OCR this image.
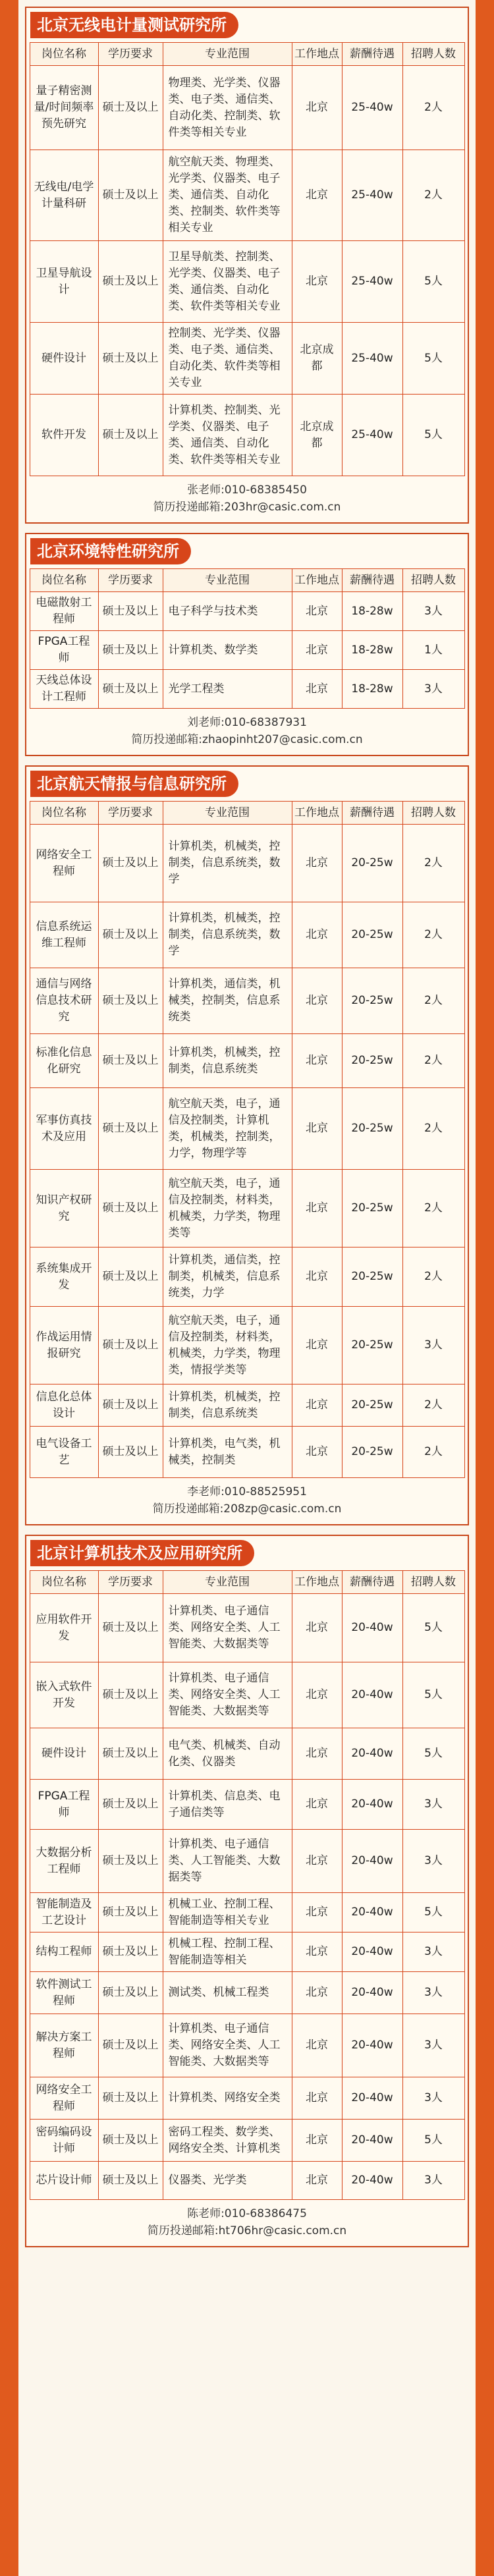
北京无线电计量测试研究所
岗位名称	学历要求	专业范围	工作地点	薪酬待遇	招聘人数
量子精密测量/时间频率预先研究	硕士及以上	物理类、光学类、仪器类、电子类、通信类、自动化类、控制类、软件类等相关专业	北京	25-40w	2人
无线电/电学计量科研	硕士及以上	航空航天类、物理类、光学类、仪器类、电子类、通信类、自动化类、控制类、软件类等相关专业	北京	25-40w	2人
卫星导航设计	硕士及以上	卫星导航类、控制类、光学类、仪器类、电子类、通信类、自动化类、软件类等相关专业	北京	25-40w	5人
硬件设计	硕士及以上	控制类、光学类、仪器类、电子类、通信类、自动化类、软件类等相关专业	北京成都	25-40w	5人
软件开发	硕士及以上	计算机类、控制类、光学类、仪器类、电子类、通信类、自动化类、软件类等相关专业	北京成都	25-40w	5人
张老师:010-68385450
简历投递邮箱:203hr@casic.com.cn
北京环境特性研究所
岗位名称	学历要求	专业范围	工作地点	薪酬待遇	招聘人数
电磁散射工程师	硕士及以上	电子科学与技术类	北京	18-28w	3人
FPGA工程师	硕士及以上	计算机类、数学类	北京	18-28w	1人
天线总体设计工程师	硕士及以上	光学工程类	北京	18-28w	3人
刘老师:010-68387931
简历投递邮箱:zhaopinht207@casic.com.cn
北京航天情报与信息研究所
岗位名称	学历要求	专业范围	工作地点	薪酬待遇	招聘人数
网络安全工程师	硕士及以上	计算机类，机械类，控制类，信息系统类，数学	北京	20-25w	2人
信息系统运维工程师	硕士及以上	计算机类，机械类，控制类，信息系统类，数学	北京	20-25w	2人
通信与网络信息技术研究	硕士及以上	计算机类，通信类，机械类，控制类，信息系统类	北京	20-25w	2人
标准化信息化研究	硕士及以上	计算机类，机械类，控制类，信息系统类	北京	20-25w	2人
军事仿真技术及应用	硕士及以上	航空航天类，电子，通信及控制类，计算机类，机械类，控制类，力学，物理学等	北京	20-25w	2人
知识产权研究	硕士及以上	航空航天类，电子，通信及控制类，材料类，机械类，力学类，物理类等	北京	20-25w	2人
系统集成开发	硕士及以上	计算机类，通信类，控制类，机械类，信息系统类，力学	北京	20-25w	2人
作战运用情报研究	硕士及以上	航空航天类，电子，通信及控制类，材料类，机械类，力学类，物理类，情报学类等	北京	20-25w	3人
信息化总体设计	硕士及以上	计算机类，机械类，控制类，信息系统类	北京	20-25w	2人
电气设备工艺	硕士及以上	计算机类，电气类，机械类，控制类	北京	20-25w	2人
李老师:010-88525951
简历投递邮箱:208zp@casic.com.cn
北京计算机技术及应用研究所
岗位名称	学历要求	专业范围	工作地点	薪酬待遇	招聘人数
应用软件开发	硕士及以上	计算机类、电子通信类、网络安全类、人工智能类、大数据类等	北京	20-40w	5人
嵌入式软件开发	硕士及以上	计算机类、电子通信类、网络安全类、人工智能类、大数据类等	北京	20-40w	5人
硬件设计	硕士及以上	电气类、机械类、自动化类、仪器类	北京	20-40w	5人
FPGA工程师	硕士及以上	计算机类、信息类、电子通信类等	北京	20-40w	3人
大数据分析工程师	硕士及以上	计算机类、电子通信类、人工智能类、大数据类等	北京	20-40w	3人
智能制造及工艺设计	硕士及以上	机械工业、控制工程、智能制造等相关专业	北京	20-40w	5人
结构工程师	硕士及以上	机械工程、控制工程、智能制造等相关	北京	20-40w	3人
软件测试工程师	硕士及以上	测试类、机械工程类	北京	20-40w	3人
解决方案工程师	硕士及以上	计算机类、电子通信类、网络安全类、人工智能类、大数据类等	北京	20-40w	3人
网络安全工程师	硕士及以上	计算机类、网络安全类	北京	20-40w	3人
密码编码设计师	硕士及以上	密码工程类、数学类、网络安全类、计算机类	北京	20-40w	5人
芯片设计师	硕士及以上	仪器类、光学类	北京	20-40w	3人
陈老师:010-68386475
简历投递邮箱:ht706hr@casic.com.cn
